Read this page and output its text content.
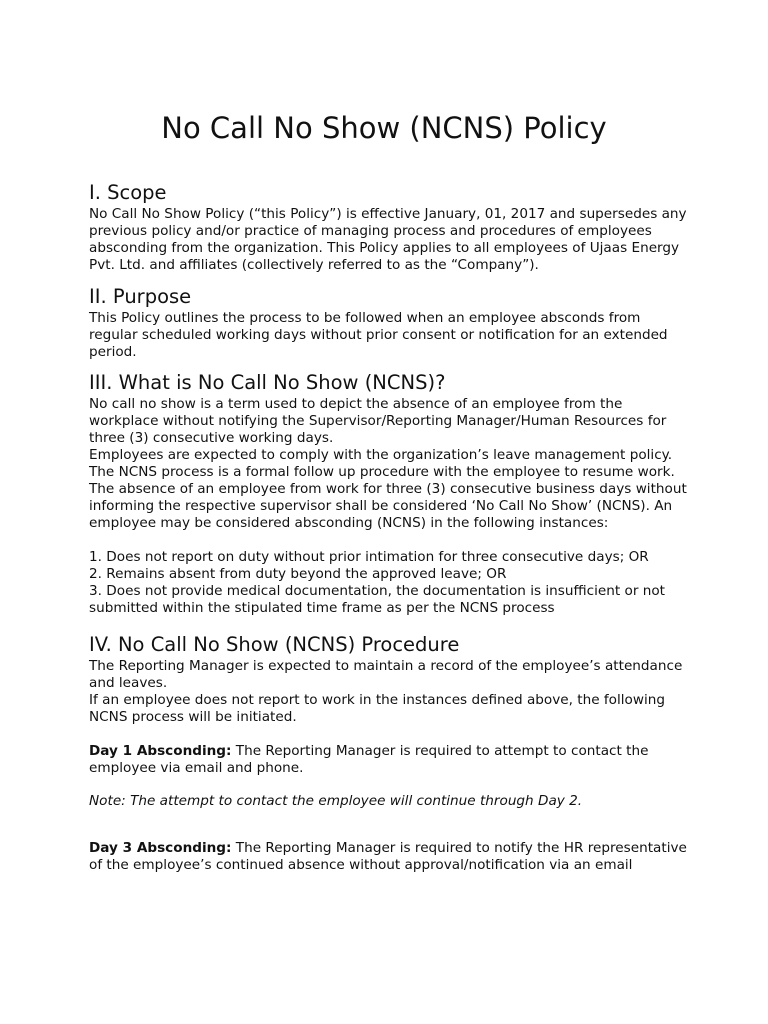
No Call No Show (NCNS) Policy
I. Scope

No Call No Show Policy (“this Policy”) is effective January, 01, 2017 and supersedes any previous policy and/or practice of managing process and procedures of employees absconding from the organization. This Policy applies to all employees of Ujaas Energy Pvt. Ltd. and affiliates (collectively referred to as the “Company”).

II. Purpose

This Policy outlines the process to be followed when an employee absconds from regular scheduled working days without prior consent or notification for an extended period.

III. What is No Call No Show (NCNS)?

No call no show is a term used to depict the absence of an employee from the workplace without notifying the Supervisor/Reporting Manager/Human Resources for three (3) consecutive working days.

Employees are expected to comply with the organization’s leave management policy. The NCNS process is a formal follow up procedure with the employee to resume work. The absence of an employee from work for three (3) consecutive business days without informing the respective supervisor shall be considered ‘No Call No Show’ (NCNS). An employee may be considered absconding (NCNS) in the following instances:

1. Does not report on duty without prior intimation for three consecutive days; OR

2. Remains absent from duty beyond the approved leave; OR

3. Does not provide medical documentation, the documentation is insufficient or not submitted within the stipulated time frame as per the NCNS process

IV. No Call No Show (NCNS) Procedure

The Reporting Manager is expected to maintain a record of the employee’s attendance and leaves.

If an employee does not report to work in the instances defined above, the following NCNS process will be initiated.

Day 1 Absconding: The Reporting Manager is required to attempt to contact the employee via email and phone.

Note: The attempt to contact the employee will continue through Day 2.

Day 3 Absconding: The Reporting Manager is required to notify the HR representative of the employee’s continued absence without approval/notification via an email
